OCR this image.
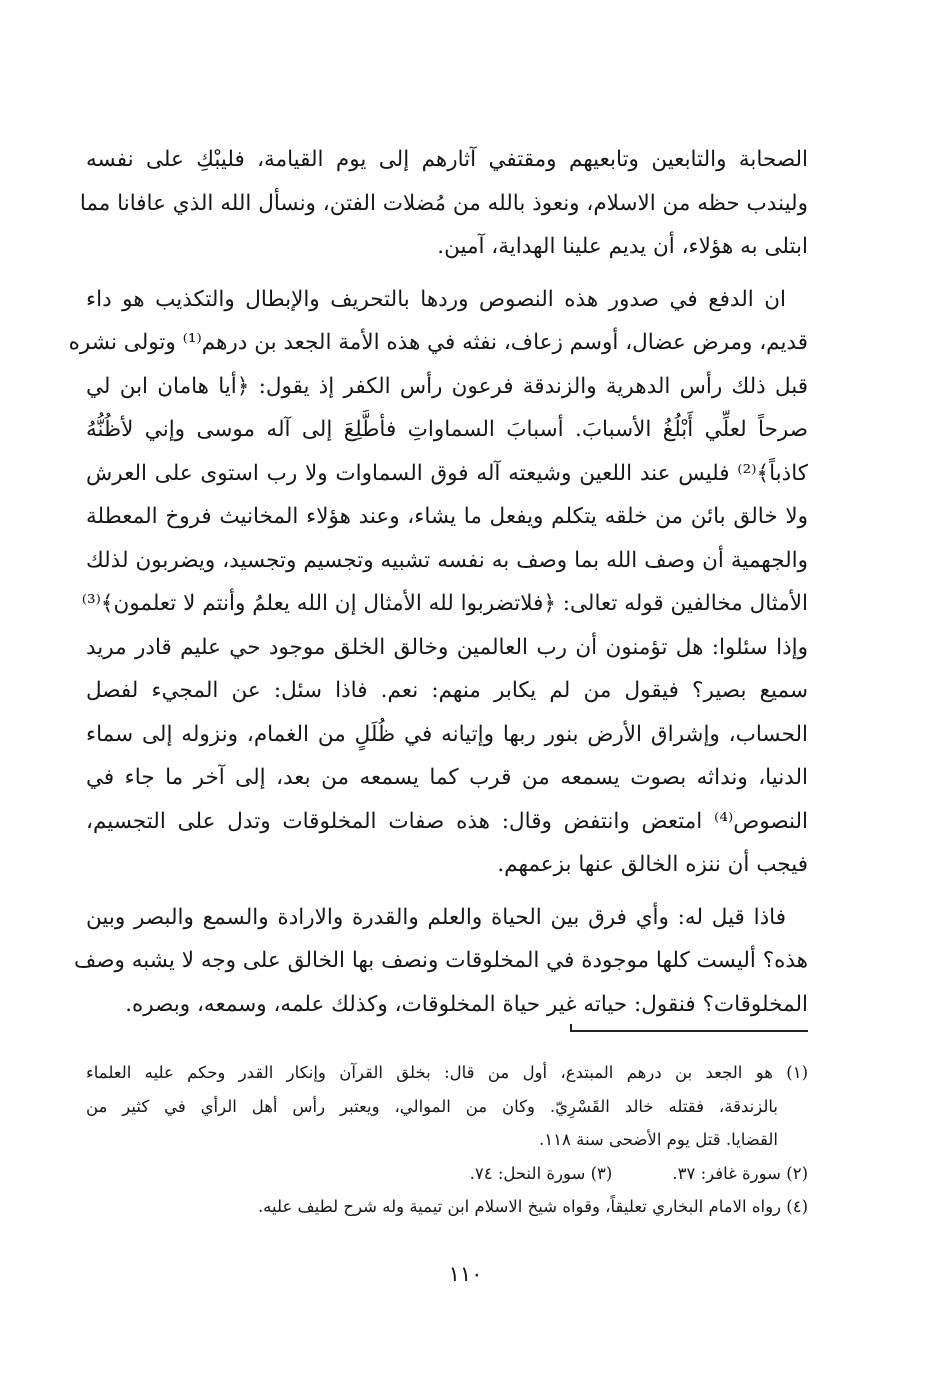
الصحابة والتابعين وتابعيهم ومقتفي آثارهم إلى يوم القيامة، فليبْكِ على نفسه
وليندب حظه من الاسلام، ونعوذ بالله من مُضلات الفتن، ونسأل الله الذي عافانا مما
ابتلى به هؤلاء، أن يديم علينا الهداية، آمين.
ان الدفع في صدور هذه النصوص وردها بالتحريف والإبطال والتكذيب هو داء
قديم، ومرض عضال، أوسم زعاف، نفثه في هذه الأمة الجعد بن درهم⁽¹⁾ وتولى نشره
قبل ذلك رأس الدهرية والزندقة فرعون رأس الكفر إذ يقول: ﴿أيا هامان ابن لي
صرحاً لعلِّي أَبْلُغُ الأسبابَ. أسبابَ السماواتِ فأطَّلِعَ إلى آله موسى وإني لأظُنُّهُ
كاذباً﴾⁽²⁾ فليس عند اللعين وشيعته آله فوق السماوات ولا رب استوى على العرش
ولا خالق بائن من خلقه يتكلم ويفعل ما يشاء، وعند هؤلاء المخانيث فروخ المعطلة
والجهمية أن وصف الله بما وصف به نفسه تشبيه وتجسيم وتجسيد، ويضربون لذلك
الأمثال مخالفين قوله تعالى: ﴿فلاتضربوا لله الأمثال إن الله يعلمُ وأنتم لا تعلمون﴾⁽³⁾
وإذا سئلوا: هل تؤمنون أن رب العالمين وخالق الخلق موجود حي عليم قادر مريد
سميع بصير؟ فيقول من لم يكابر منهم: نعم. فاذا سئل: عن المجيء لفصل
الحساب، وإشراق الأرض بنور ربها وإتيانه في ظُلَلٍ من الغمام، ونزوله إلى سماء
الدنيا، ونداثه بصوت يسمعه من قرب كما يسمعه من بعد، إلى آخر ما جاء في
النصوص⁽⁴⁾ امتعض وانتفض وقال: هذه صفات المخلوقات وتدل على التجسيم،
فيجب أن ننزه الخالق عنها بزعمهم.
فاذا قيل له: وأي فرق بين الحياة والعلم والقدرة والارادة والسمع والبصر وبين
هذه؟ أليست كلها موجودة في المخلوقات ونصف بها الخالق على وجه لا يشبه وصف
المخلوقات؟ فنقول: حياته غير حياة المخلوقات، وكذلك علمه، وسمعه، وبصره.
(١) هو الجعد بن درهم المبتدع، أول من قال: بخلق القرآن وإنكار القدر وحكم عليه العلماء
بالزندقة، فقتله خالد القَسْرِيّ. وكان من الموالي، ويعتبر رأس أهل الرأي في كثير من
القضايا. قتل يوم الأضحى سنة ١١٨.
(٢) سورة غافر: ٣٧.
(٣) سورة النحل: ٧٤.
(٤) رواه الامام البخاري تعليقاً، وقواه شيخ الاسلام ابن تيمية وله شرح لطيف عليه.
١١٠
